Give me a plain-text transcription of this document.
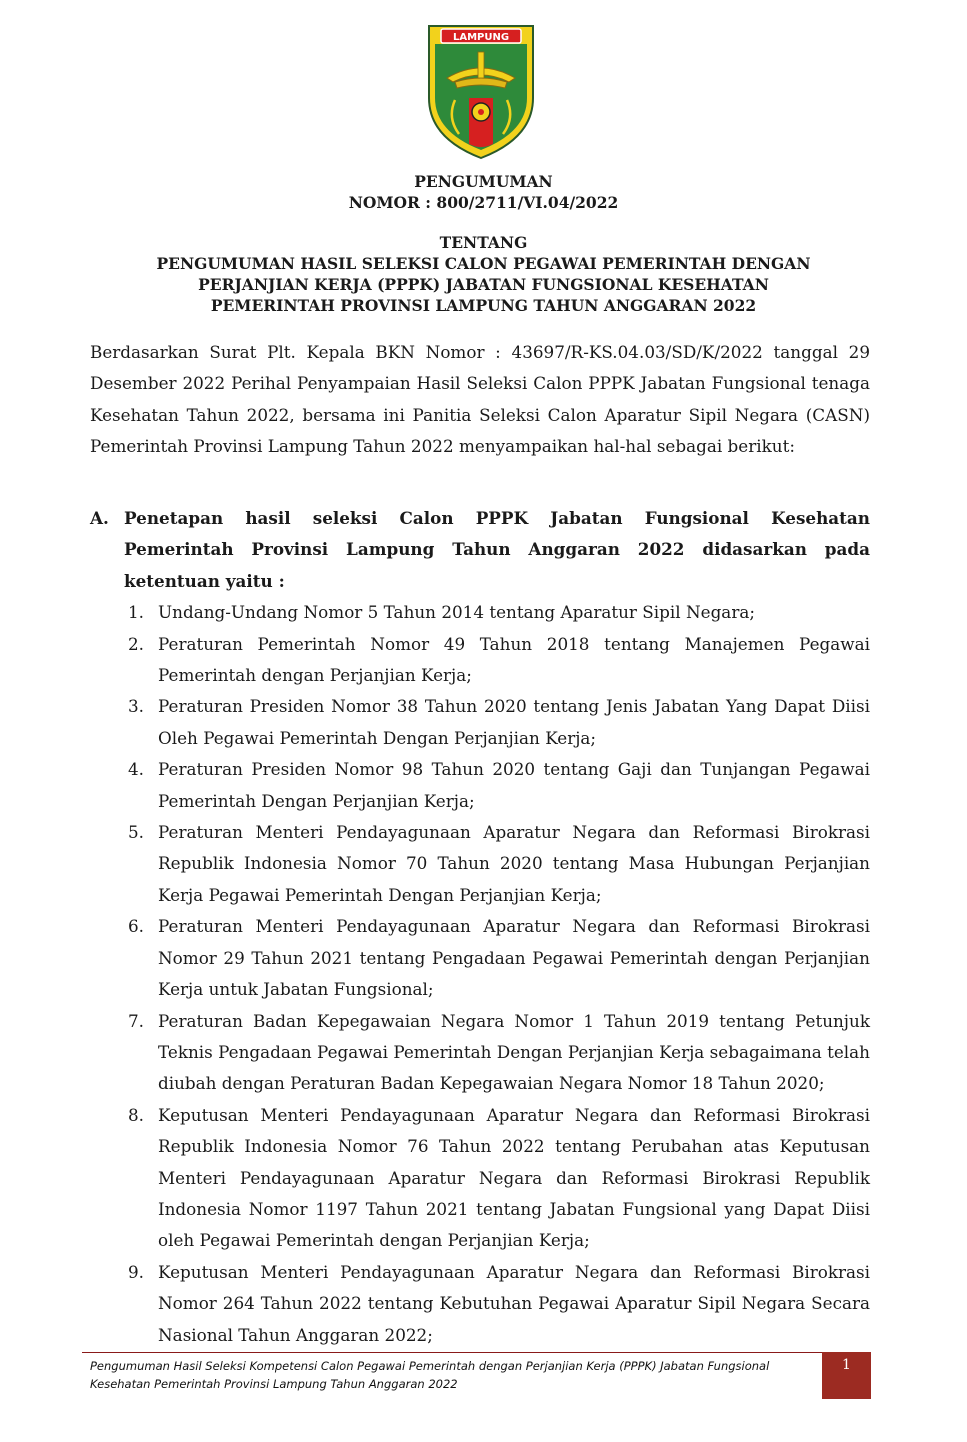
LAMPUNG
PENGUMUMAN
NOMOR : 800/2711/VI.04/2022
TENTANG
PENGUMUMAN HASIL SELEKSI CALON PEGAWAI PEMERINTAH DENGAN
PERJANJIAN KERJA (PPPK) JABATAN FUNGSIONAL KESEHATAN
PEMERINTAH PROVINSI LAMPUNG TAHUN ANGGARAN 2022
Berdasarkan Surat Plt. Kepala BKN Nomor : 43697/R-KS.04.03/SD/K/2022 tanggal 29 Desember 2022 Perihal Penyampaian Hasil Seleksi Calon PPPK Jabatan Fungsional tenaga Kesehatan Tahun 2022, bersama ini Panitia Seleksi Calon Aparatur Sipil Negara (CASN) Pemerintah Provinsi Lampung Tahun 2022 menyampaikan hal-hal sebagai berikut:
A. Penetapan hasil seleksi Calon PPPK Jabatan Fungsional Kesehatan Pemerintah Provinsi Lampung Tahun Anggaran 2022 didasarkan pada ketentuan yaitu :
1. Undang-Undang Nomor 5 Tahun 2014 tentang Aparatur Sipil Negara;
2. Peraturan Pemerintah Nomor 49 Tahun 2018 tentang Manajemen Pegawai Pemerintah dengan Perjanjian Kerja;
3. Peraturan Presiden Nomor 38 Tahun 2020 tentang Jenis Jabatan Yang Dapat Diisi Oleh Pegawai Pemerintah Dengan Perjanjian Kerja;
4. Peraturan Presiden Nomor 98 Tahun 2020 tentang Gaji dan Tunjangan Pegawai Pemerintah Dengan Perjanjian Kerja;
5. Peraturan Menteri Pendayagunaan Aparatur Negara dan Reformasi Birokrasi Republik Indonesia Nomor 70 Tahun 2020 tentang Masa Hubungan Perjanjian Kerja Pegawai Pemerintah Dengan Perjanjian Kerja;
6. Peraturan Menteri Pendayagunaan Aparatur Negara dan Reformasi Birokrasi Nomor 29 Tahun 2021 tentang Pengadaan Pegawai Pemerintah dengan Perjanjian Kerja untuk Jabatan Fungsional;
7. Peraturan Badan Kepegawaian Negara Nomor 1 Tahun 2019 tentang Petunjuk Teknis Pengadaan Pegawai Pemerintah Dengan Perjanjian Kerja sebagaimana telah diubah dengan Peraturan Badan Kepegawaian Negara Nomor 18 Tahun 2020;
8. Keputusan Menteri Pendayagunaan Aparatur Negara dan Reformasi Birokrasi Republik Indonesia Nomor 76 Tahun 2022 tentang Perubahan atas Keputusan Menteri Pendayagunaan Aparatur Negara dan Reformasi Birokrasi Republik Indonesia Nomor 1197 Tahun 2021 tentang Jabatan Fungsional yang Dapat Diisi oleh Pegawai Pemerintah dengan Perjanjian Kerja;
9. Keputusan Menteri Pendayagunaan Aparatur Negara dan Reformasi Birokrasi Nomor 264 Tahun 2022 tentang Kebutuhan Pegawai Aparatur Sipil Negara Secara Nasional Tahun Anggaran 2022;
Pengumuman Hasil Seleksi Kompetensi Calon Pegawai Pemerintah dengan Perjanjian Kerja (PPPK) Jabatan Fungsional
Kesehatan Pemerintah Provinsi Lampung Tahun Anggaran 2022
1
